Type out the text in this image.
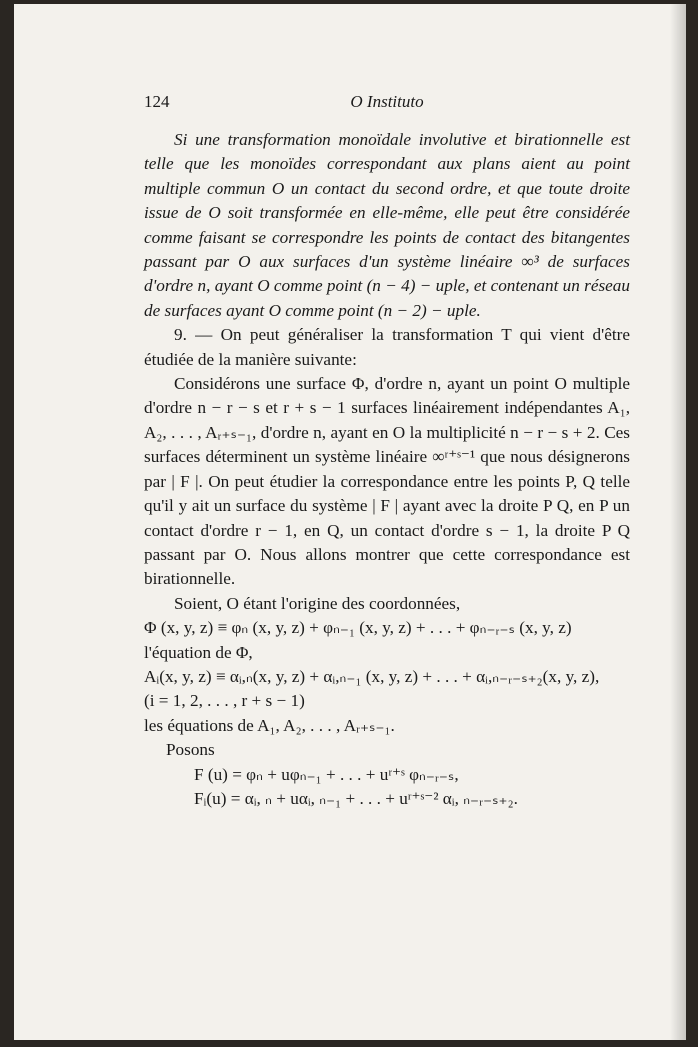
124	O Instituto

Si une transformation monoïdale involutive et birationnelle est telle que les monoïdes correspondant aux plans aient au point multiple commun O un contact du second ordre, et que toute droite issue de O soit transformée en elle-même, elle peut être considérée comme faisant se correspondre les points de contact des bitangentes passant par O aux surfaces d'un système linéaire ∞³ de surfaces d'ordre n, ayant O comme point (n − 4) − uple, et contenant un réseau de surfaces ayant O comme point (n − 2) − uple.

9. — On peut généraliser la transformation T qui vient d'être étudiée de la manière suivante:

Considérons une surface Φ, d'ordre n, ayant un point O multiple d'ordre n − r − s et r + s − 1 surfaces linéairement indépendantes A₁, A₂, . . . , Aᵣ₊ₛ₋₁, d'ordre n, ayant en O la multiplicité n − r − s + 2. Ces surfaces déterminent un système linéaire ∞ʳ⁺ˢ⁻¹ que nous désignerons par | F |. On peut étudier la correspondance entre les points P, Q telle qu'il y ait un surface du système | F | ayant avec la droite P Q, en P un contact d'ordre r − 1, en Q, un contact d'ordre s − 1, la droite P Q passant par O. Nous allons montrer que cette correspondance est birationnelle.

Soient, O étant l'origine des coordonnées,

Φ (x, y, z) ≡ φₙ (x, y, z) + φₙ₋₁ (x, y, z) + . . . + φₙ₋ᵣ₋ₛ (x, y, z)

l'équation de Φ,

Aᵢ(x, y, z) ≡ αᵢ,ₙ(x, y, z) + αᵢ,ₙ₋₁ (x, y, z) + . . . + αᵢ,ₙ₋ᵣ₋ₛ₊₂(x, y, z),

(i = 1, 2, . . . , r + s − 1)

les équations de A₁, A₂, . . . , Aᵣ₊ₛ₋₁.

Posons

F (u) = φₙ + uφₙ₋₁ + . . . + uʳ⁺ˢ φₙ₋ᵣ₋ₛ,

Fᵢ(u) = αᵢ, ₙ + uαᵢ, ₙ₋₁ + . . . + uʳ⁺ˢ⁻² αᵢ, ₙ₋ᵣ₋ₛ₊₂.
